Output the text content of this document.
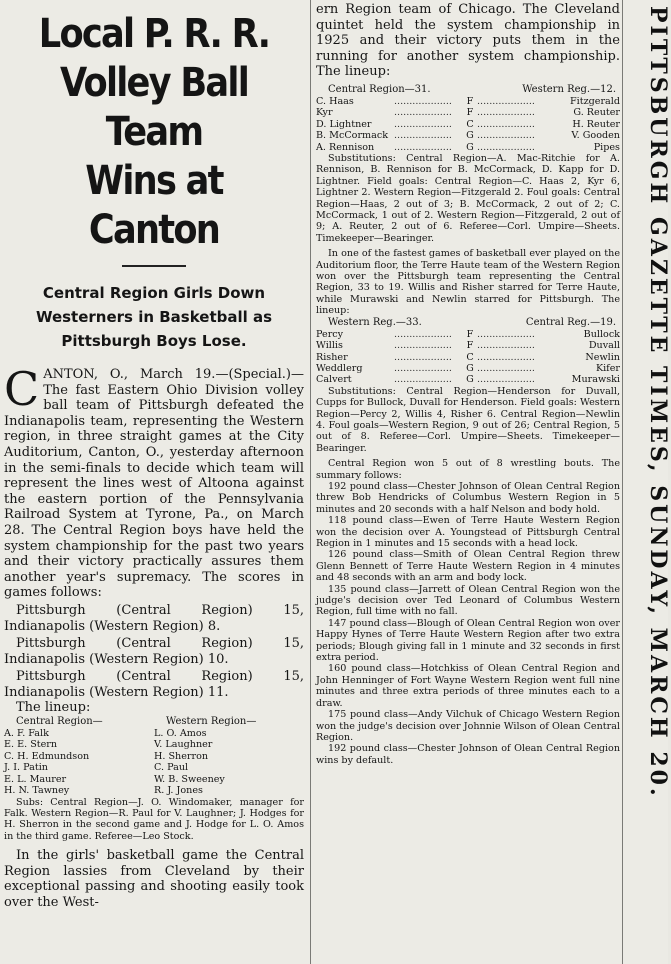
Local P. R. R.
Volley Ball Team
Wins at Canton
Central Region Girls Down Westerners in Basketball as Pittsburgh Boys Lose.

CANTON, O., March 19.—(Special.)—The fast Eastern Ohio Division volley ball team of Pittsburgh defeated the Indianapolis team, representing the Western region, in three straight games at the City Auditorium, Canton, O., yesterday afternoon in the semi-finals to decide which team will represent the lines west of Altoona against the eastern portion of the Pennsylvania Railroad System at Tyrone, Pa., on March 28. The Central Region boys have held the system championship for the past two years and their victory practically assures them another year's supremacy. The scores in games follows:

Pittsburgh (Central Region) 15, Indianapolis (Western Region) 8.

Pittsburgh (Central Region) 15, Indianapolis (Western Region) 10.

Pittsburgh (Central Region) 15, Indianapolis (Western Region) 11.

The lineup:

Central Region—	Western Region—
A. F. Falk	L. O. Amos
E. E. Stern	V. Laughner
C. H. Edmundson	H. Sherron
J. I. Patin	C. Paul
E. L. Maurer	W. B. Sweeney
H. N. Tawney	R. J. Jones

Subs: Central Region—J. O. Windomaker, manager for Falk. Western Region—R. Paul for V. Laughner; J. Hodges for H. Sherron in the second game and J. Hodge for L. O. Amos in the third game. Referee—Leo Stock.

In the girls' basketball game the Central Region lassies from Cleveland by their exceptional passing and shooting easily took over the West-

ern Region team of Chicago. The Cleveland quintet held the system championship in 1925 and their victory puts them in the running for another system championship. The lineup:

Central Region—31.	Western Reg.—12.
C. Haas	...................	F ...................	Fitzgerald
Kyr	...................	F ...................	G. Reuter
D. Lightner	...................	C ...................	H. Reuter
B. McCormack ...................	G ...................	V. Gooden
A. Rennison	...................	G ...................	Pipes

Substitutions: Central Region—A. Mac-Ritchie for A. Rennison, B. Rennison for B. McCormack, D. Kapp for D. Lightner. Field goals: Central Region—C. Haas 2, Kyr 6, Lightner 2. Western Region—Fitzgerald 2. Foul goals: Central Region—Haas, 2 out of 3; B. McCormack, 2 out of 2; C. McCormack, 1 out of 2. Western Region—Fitzgerald, 2 out of 9; A. Reuter, 2 out of 6. Referee—Corl. Umpire—Sheets. Timekeeper—Bearinger.

In one of the fastest games of basketball ever played on the Auditorium floor, the Terre Haute team of the Western Region won over the Pittsburgh team representing the Central Region, 33 to 19. Willis and Risher starred for Terre Haute, while Murawski and Newlin starred for Pittsburgh. The lineup:

Western Reg.—33.	Central Reg.—19.
Percy	...................	F ...................	Bullock
Willis	...................	F ...................	Duvall
Risher	...................	C ...................	Newlin
Weddlerg	...................	G ...................	Kifer
Calvert	...................	G ...................	Murawski

Substitutions: Central Region—Henderson for Duvall, Cupps for Bullock, Duvall for Henderson. Field goals: Western Region—Percy 2, Willis 4, Risher 6. Central Region—Newlin 4. Foul goals—Western Region, 9 out of 26; Central Region, 5 out of 8. Referee—Corl. Umpire—Sheets. Timekeeper—Bearinger.

Central Region won 5 out of 8 wrestling bouts. The summary follows:

192 pound class—Chester Johnson of Olean Central Region threw Bob Hendricks of Columbus Western Region in 5 minutes and 20 seconds with a half Nelson and body hold.

118 pound class—Ewen of Terre Haute Western Region won the decision over A. Youngstead of Pittsburgh Central Region in 1 minutes and 15 seconds with a head lock.

126 pound class—Smith of Olean Central Region threw Glenn Bennett of Terre Haute Western Region in 4 minutes and 48 seconds with an arm and body lock.

135 pound class—Jarrett of Olean Central Region won the judge's decision over Ted Leonard of Columbus Western Region, full time with no fall.

147 pound class—Blough of Olean Central Region won over Happy Hynes of Terre Haute Western Region after two extra periods; Blough giving fall in 1 minute and 32 seconds in first extra period.

160 pound class—Hotchkiss of Olean Central Region and John Henninger of Fort Wayne Western Region went full nine minutes and three extra periods of three minutes each to a draw.

175 pound class—Andy Vilchuk of Chicago Western Region won the judge's decision over Johnnie Wilson of Olean Central Region.

192 pound class—Chester Johnson of Olean Central Region wins by default.	PITTSBURGH GAZETTE TIMES, SUNDAY, MARCH 20.
